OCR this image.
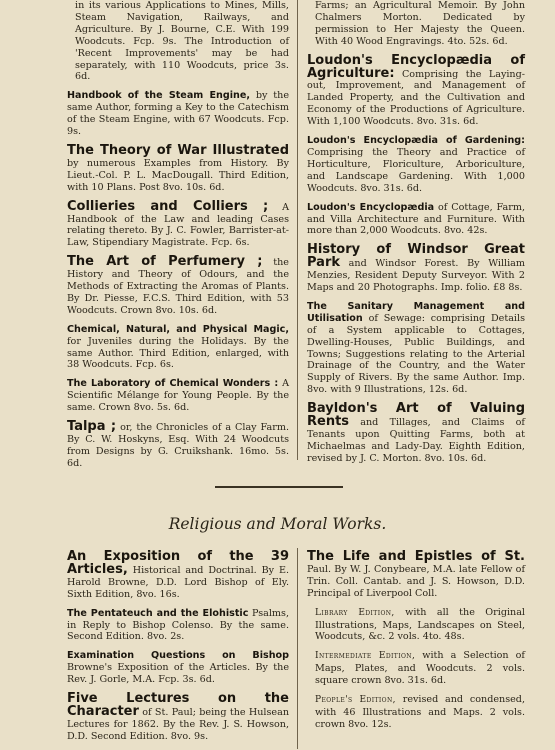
in its various Applications to Mines, Mills, Steam Navigation, Railways, and Agriculture. By J. Bourne, C.E. With 199 Woodcuts. Fcp. 9s. The Introduction of 'Recent Improvements' may be had separately, with 110 Woodcuts, price 3s. 6d.
Handbook of the Steam Engine, by the same Author, forming a Key to the Catechism of the Steam Engine, with 67 Woodcuts. Fcp. 9s.
The Theory of War Illustrated by numerous Examples from History. By Lieut.-Col. P. L. MacDougall. Third Edition, with 10 Plans. Post 8vo. 10s. 6d.
Collieries and Colliers ; A Handbook of the Law and leading Cases relating thereto. By J. C. Fowler, Barrister-at-Law, Stipendiary Magistrate. Fcp. 6s.
The Art of Perfumery ; the History and Theory of Odours, and the Methods of Extracting the Aromas of Plants. By Dr. Piesse, F.C.S. Third Edition, with 53 Woodcuts. Crown 8vo. 10s. 6d.
Chemical, Natural, and Physical Magic, for Juveniles during the Holidays. By the same Author. Third Edition, enlarged, with 38 Woodcuts. Fcp. 6s.
The Laboratory of Chemical Wonders : A Scientific Mélange for Young People. By the same. Crown 8vo. 5s. 6d.
Talpa ; or, the Chronicles of a Clay Farm. By C. W. Hoskyns, Esq. With 24 Woodcuts from Designs by G. Cruikshank. 16mo. 5s. 6d.
Farms; an Agricultural Memoir. By John Chalmers Morton. Dedicated by permission to Her Majesty the Queen. With 40 Wood Engravings. 4to. 52s. 6d.
Loudon's Encyclopædia of Agriculture: Comprising the Laying-out, Improvement, and Management of Landed Property, and the Cultivation and Economy of the Productions of Agriculture. With 1,100 Woodcuts. 8vo. 31s. 6d.
Loudon's Encyclopædia of Gardening: Comprising the Theory and Practice of Horticulture, Floriculture, Arboriculture, and Landscape Gardening. With 1,000 Woodcuts. 8vo. 31s. 6d.
Loudon's Encyclopædia of Cottage, Farm, and Villa Architecture and Furniture. With more than 2,000 Woodcuts. 8vo. 42s.
History of Windsor Great Park and Windsor Forest. By William Menzies, Resident Deputy Surveyor. With 2 Maps and 20 Photographs. Imp. folio. £8 8s.
The Sanitary Management and Utilisation of Sewage: comprising Details of a System applicable to Cottages, Dwelling-Houses, Public Buildings, and Towns; Suggestions relating to the Arterial Drainage of the Country, and the Water Supply of Rivers. By the same Author. Imp. 8vo. with 9 Illustrations, 12s. 6d.
Bayldon's Art of Valuing Rents and Tillages, and Claims of Tenants upon Quitting Farms, both at Michaelmas and Lady-Day. Eighth Edition, revised by J. C. Morton. 8vo. 10s. 6d.
Religious and Moral Works.
An Exposition of the 39 Articles, Historical and Doctrinal. By E. Harold Browne, D.D. Lord Bishop of Ely. Sixth Edition, 8vo. 16s.
The Pentateuch and the Elohistic Psalms, in Reply to Bishop Colenso. By the same. Second Edition. 8vo. 2s.
Examination Questions on Bishop Browne's Exposition of the Articles. By the Rev. J. Gorle, M.A. Fcp. 3s. 6d.
Five Lectures on the Character of St. Paul; being the Hulsean Lectures for 1862. By the Rev. J. S. Howson, D.D. Second Edition. 8vo. 9s.
The Life and Epistles of St. Paul. By W. J. Conybeare, M.A. late Fellow of Trin. Coll. Cantab. and J. S. Howson, D.D. Principal of Liverpool Coll.
Library Edition, with all the Original Illustrations, Maps, Landscapes on Steel, Woodcuts, &c. 2 vols. 4to. 48s.
Intermediate Edition, with a Selection of Maps, Plates, and Woodcuts. 2 vols. square crown 8vo. 31s. 6d.
People's Edition, revised and condensed, with 46 Illustrations and Maps. 2 vols. crown 8vo. 12s.
